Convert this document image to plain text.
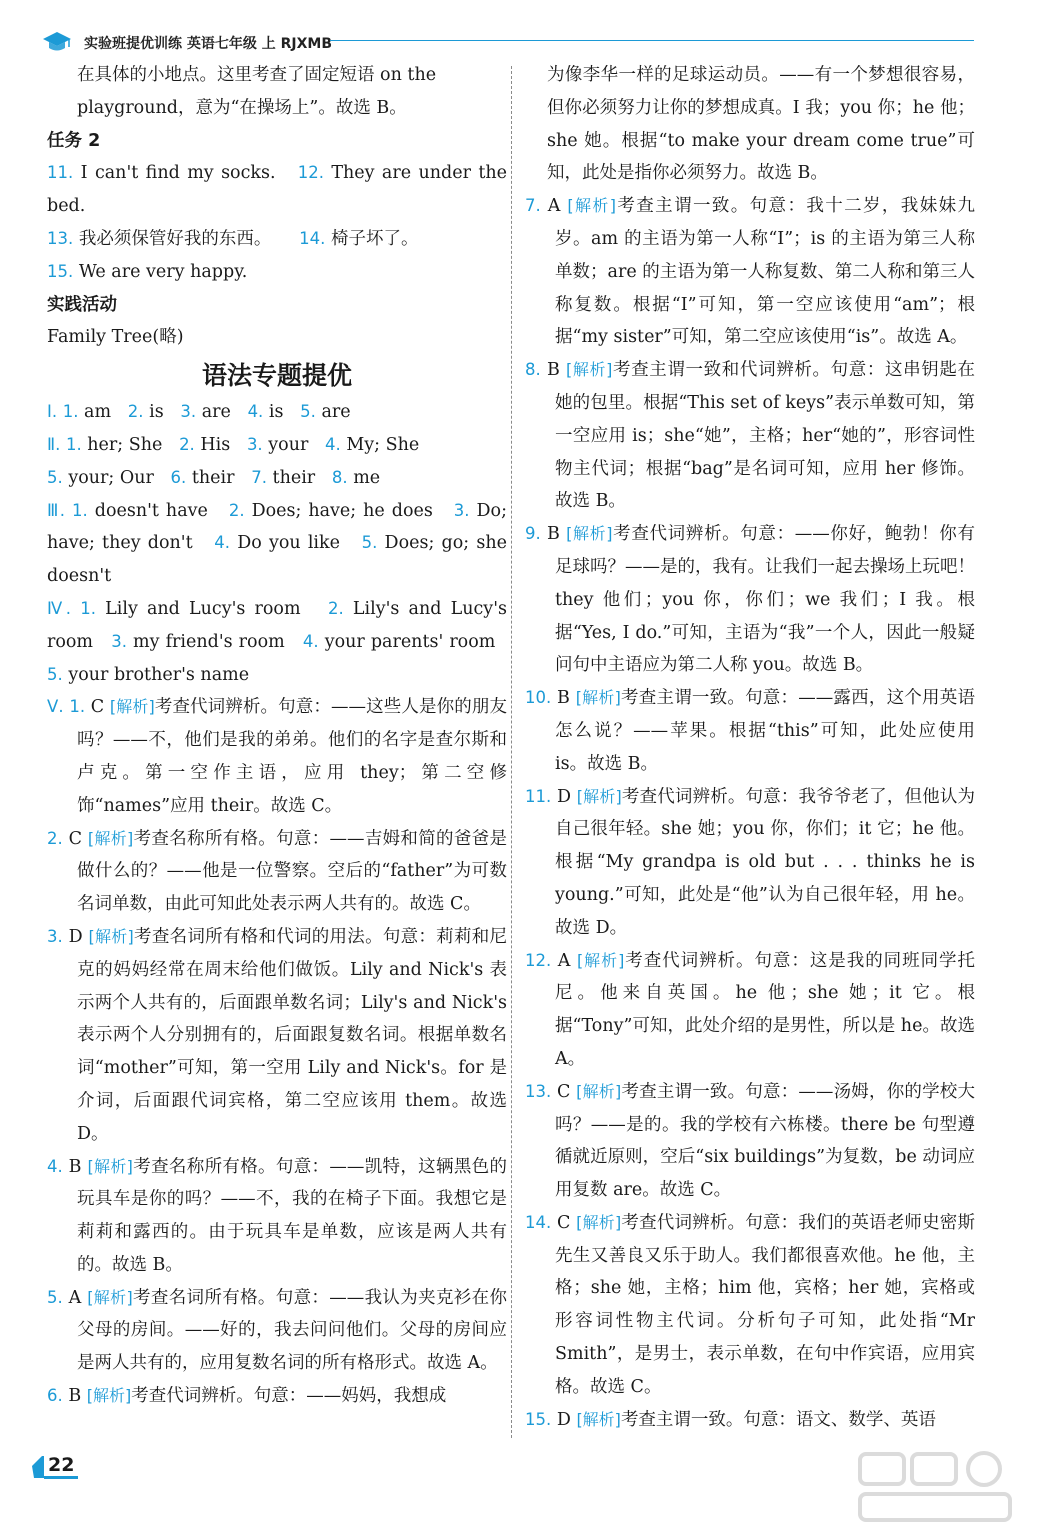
实验班提优训练 英语七年级 上 RJXMB

在具体的小地点。这里考查了固定短语 on the

playground，意为“在操场上”。故选 B。

任务 2

11. I can't find my socks. 12. They are under the bed.

13. 我必须保管好我的东西。 14. 椅子坏了。

15. We are very happy.

实践活动

Family Tree(略)

语法专题提优

Ⅰ. 1. am 2. is 3. are 4. is 5. are

Ⅱ. 1. her; She 2. His 3. your 4. My; She

5. your; Our 6. their 7. their 8. me

Ⅲ. 1. doesn't have 2. Does; have; he does 3. Do; have; they don't 4. Do you like 5. Does; go; she doesn't

Ⅳ. 1. Lily and Lucy's room 2. Lily's and Lucy's room 3. my friend's room 4. your parents' room   5. your brother's name

Ⅴ. 1. C [解析]考查代词辨析。句意：——这些人是你的朋友吗？——不，他们是我的弟弟。他们的名字是查尔斯和卢克。第一空作主语，应用 they；第二空修饰“names”应用 their。故选 C。

2. C [解析]考查名称所有格。句意：——吉姆和简的爸爸是做什么的？——他是一位警察。空后的“father”为可数名词单数，由此可知此处表示两人共有的。故选 C。

3. D [解析]考查名词所有格和代词的用法。句意：莉莉和尼克的妈妈经常在周末给他们做饭。Lily and Nick's 表示两个人共有的，后面跟单数名词；Lily's and Nick's 表示两个人分别拥有的，后面跟复数名词。根据单数名词“mother”可知，第一空用 Lily and Nick's。for 是介词，后面跟代词宾格，第二空应该用 them。故选 D。

4. B [解析]考查名称所有格。句意：——凯特，这辆黑色的玩具车是你的吗？——不，我的在椅子下面。我想它是莉莉和露西的。由于玩具车是单数，应该是两人共有的。故选 B。

5. A [解析]考查名词所有格。句意：——我认为夹克衫在你父母的房间。——好的，我去问问他们。父母的房间应是两人共有的，应用复数名词的所有格形式。故选 A。

6. B [解析]考查代词辨析。句意：——妈妈，我想成

为像李华一样的足球运动员。——有一个梦想很容易，但你必须努力让你的梦想成真。I 我；you 你；he 他；she 她。根据“to make your dream come true”可知，此处是指你必须努力。故选 B。

7. A [解析]考查主谓一致。句意：我十二岁，我妹妹九岁。am 的主语为第一人称“I”；is 的主语为第三人称单数；are 的主语为第一人称复数、第二人称和第三人称复数。根据“I”可知，第一空应该使用“am”；根据“my sister”可知，第二空应该使用“is”。故选 A。

8. B [解析]考查主谓一致和代词辨析。句意：这串钥匙在她的包里。根据“This set of keys”表示单数可知，第一空应用 is；she“她”，主格；her“她的”，形容词性物主代词；根据“bag”是名词可知，应用 her 修饰。故选 B。

9. B [解析]考查代词辨析。句意：——你好，鲍勃！你有足球吗？——是的，我有。让我们一起去操场上玩吧！they 他们；you 你，你们；we 我们；I 我。根据“Yes, I do.”可知，主语为“我”一个人，因此一般疑问句中主语应为第二人称 you。故选 B。

10. B [解析]考查主谓一致。句意：——露西，这个用英语怎么说？——苹果。根据“this”可知，此处应使用 is。故选 B。

11. D [解析]考查代词辨析。句意：我爷爷老了，但他认为自己很年轻。she 她；you 你，你们；it 它；he 他。根据“My grandpa is old but . . . thinks he is young.”可知，此处是“他”认为自己很年轻，用 he。故选 D。

12. A [解析]考查代词辨析。句意：这是我的同班同学托尼。他来自英国。he 他；she 她；it 它。根据“Tony”可知，此处介绍的是男性，所以是 he。故选 A。

13. C [解析]考查主谓一致。句意：——汤姆，你的学校大吗？——是的。我的学校有六栋楼。there be 句型遵循就近原则，空后“six buildings”为复数，be 动词应用复数 are。故选 C。

14. C [解析]考查代词辨析。句意：我们的英语老师史密斯先生又善良又乐于助人。我们都很喜欢他。he 他，主格；she 她，主格；him 他，宾格；her 她，宾格或形容词性物主代词。分析句子可知，此处指“Mr Smith”，是男士，表示单数，在句中作宾语，应用宾格。故选 C。

15. D [解析]考查主谓一致。句意：语文、数学、英语

22
